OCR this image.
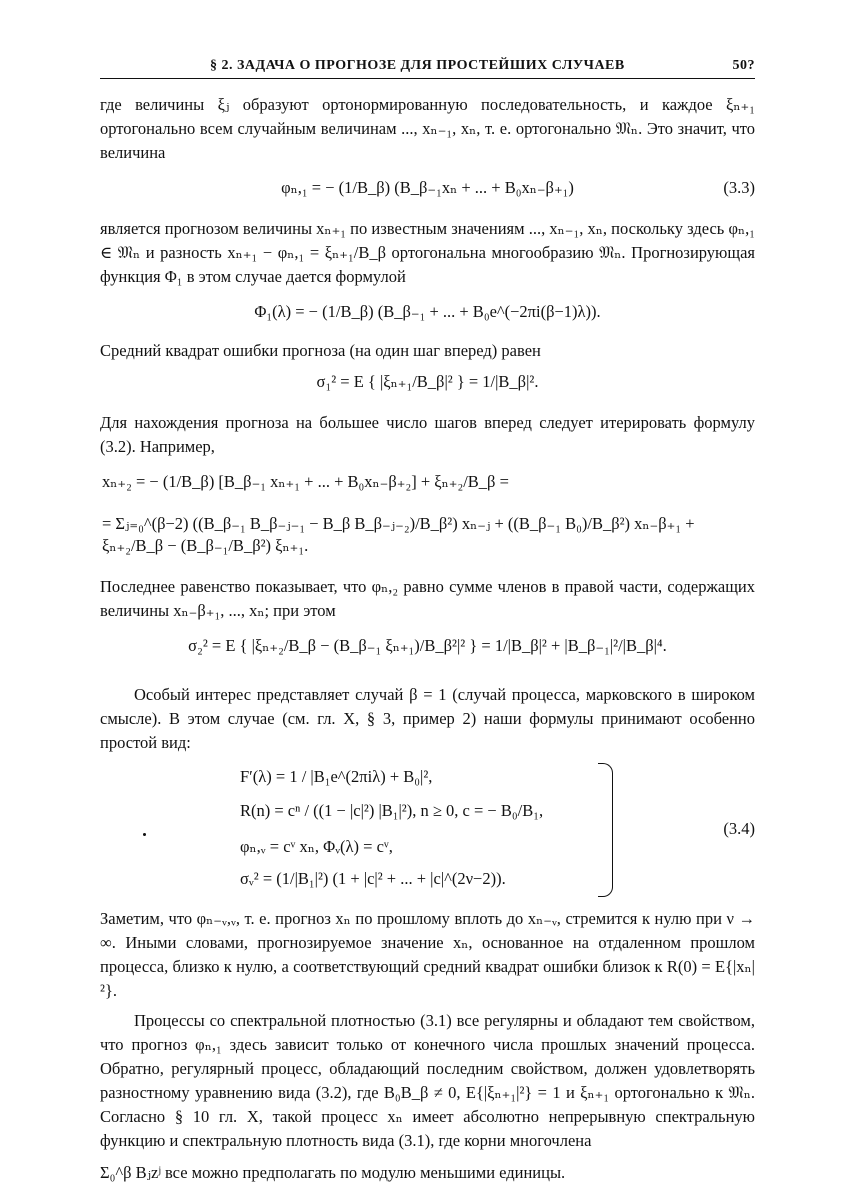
§ 2. ЗАДАЧА О ПРОГНОЗЕ ДЛЯ ПРОСТЕЙШИХ СЛУЧАЕВ	50?

где величины ξⱼ образуют ортонормированную последовательность, и каждое ξₙ₊₁ ортогонально всем случайным величинам ..., xₙ₋₁, xₙ, т. е. ортогонально 𝔐ₙ. Это значит, что величина

φₙ,₁ = − (1/B_β) (B_β₋₁xₙ + ... + B₀xₙ₋β₊₁)	(3.3)

является прогнозом величины xₙ₊₁ по известным значениям ..., xₙ₋₁, xₙ, поскольку здесь φₙ,₁ ∈ 𝔐ₙ и разность xₙ₊₁ − φₙ,₁ = ξₙ₊₁/B_β ортогональна многообразию 𝔐ₙ. Прогнозирующая функция Φ₁ в этом случае дается формулой

Φ₁(λ) = − (1/B_β) (B_β₋₁ + ... + B₀e^(−2πi(β−1)λ)).

Средний квадрат ошибки прогноза (на один шаг вперед) равен

σ₁² = E { |ξₙ₊₁/B_β|² } = 1/|B_β|².

Для нахождения прогноза на большее число шагов вперед следует итерировать формулу (3.2). Например,

xₙ₊₂ = − (1/B_β) [B_β₋₁ xₙ₊₁ + ... + B₀xₙ₋β₊₂] + ξₙ₊₂/B_β =
= Σⱼ₌₀^(β−2) ((B_β₋₁ B_β₋ⱼ₋₁ − B_β B_β₋ⱼ₋₂)/B_β²) xₙ₋ⱼ + ((B_β₋₁ B₀)/B_β²) xₙ₋β₊₁ + ξₙ₊₂/B_β − (B_β₋₁/B_β²) ξₙ₊₁.

Последнее равенство показывает, что φₙ,₂ равно сумме членов в правой части, содержащих величины xₙ₋β₊₁, ..., xₙ; при этом

σ₂² = E { |ξₙ₊₂/B_β − (B_β₋₁ ξₙ₊₁)/B_β²|² } = 1/|B_β|² + |B_β₋₁|²/|B_β|⁴.

Особый интерес представляет случай β = 1 (случай процесса, марковского в широком смысле). В этом случае (см. гл. X, § 3, пример 2) наши формулы принимают особенно простой вид:

F′(λ) = 1 / |B₁e^(2πiλ) + B₀|²,
R(n) = cⁿ / ((1 − |c|²) |B₁|²), n ≥ 0, c = − B₀/B₁,
φₙ,ᵥ = cᵛ xₙ, Φᵥ(λ) = cᵛ,
σᵥ² = (1/|B₁|²) (1 + |c|² + ... + |c|^(2ν−2)).
(3.4)

Заметим, что φₙ₋ᵥ,ᵥ, т. е. прогноз xₙ по прошлому вплоть до xₙ₋ᵥ, стремится к нулю при ν → ∞. Иными словами, прогнозируемое значение xₙ, основанное на отдаленном прошлом процесса, близко к нулю, а соответствующий средний квадрат ошибки близок к R(0) = E{|xₙ|²}.

Процессы со спектральной плотностью (3.1) все регулярны и обладают тем свойством, что прогноз φₙ,₁ здесь зависит только от конечного числа прошлых значений процесса. Обратно, регулярный процесс, обладающий последним свойством, должен удовлетворять разностному уравнению вида (3.2), где B₀B_β ≠ 0, E{|ξₙ₊₁|²} = 1 и ξₙ₊₁ ортогонально к 𝔐ₙ. Согласно § 10 гл. X, такой процесс xₙ имеет абсолютно непрерывную спектральную функцию и спектральную плотность вида (3.1), где корни многочлена

Σ₀^β Bⱼzʲ все можно предполагать по модулю меньшими единицы.
